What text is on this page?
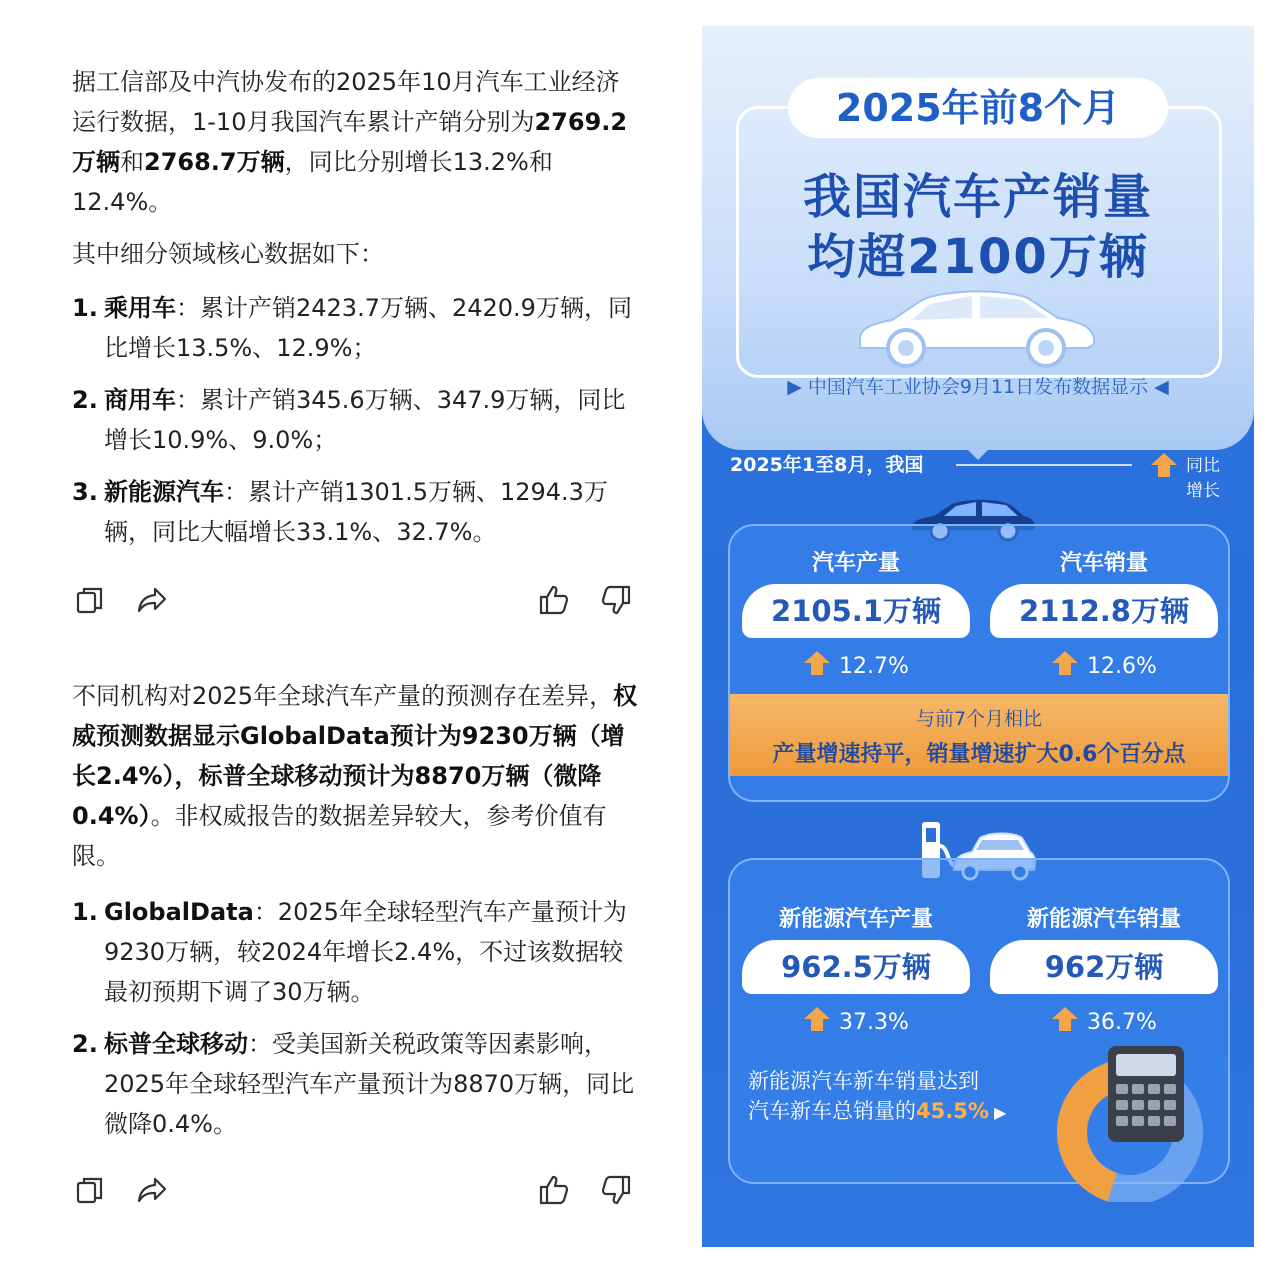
据工信部及中汽协发布的2025年10月汽车工业经济运行数据，1-10月我国汽车累计产销分别为2769.2万辆和2768.7万辆，同比分别增长13.2%和12.4%。

其中细分领域核心数据如下：

1. 乘用车：累计产销2423.7万辆、2420.9万辆，同比增长13.5%、12.9%；
2. 商用车：累计产销345.6万辆、347.9万辆，同比增长10.9%、9.0%；
3. 新能源汽车：累计产销1301.5万辆、1294.3万辆，同比大幅增长33.1%、32.7%。

不同机构对2025年全球汽车产量的预测存在差异，权威预测数据显示GlobalData预计为9230万辆（增长2.4%），标普全球移动预计为8870万辆（微降0.4%）。非权威报告的数据差异较大，参考价值有限。

1. GlobalData：2025年全球轻型汽车产量预计为9230万辆，较2024年增长2.4%，不过该数据较最初预期下调了30万辆。
2. 标普全球移动：受美国新关税政策等因素影响，2025年全球轻型汽车产量预计为8870万辆，同比微降0.4%。
2025年前8个月
我国汽车产销量
均超2100万辆
▶ 中国汽车工业协会9月11日发布数据显示 ◀
2025年1至8月，我国	同比增长
汽车产量
2105.1万辆
12.7%
汽车销量
2112.8万辆
12.6%
与前7个月相比
产量增速持平，销量增速扩大0.6个百分点
新能源汽车产量
962.5万辆
37.3%
新能源汽车销量
962万辆
36.7%
新能源汽车新车销量达到
汽车新车总销量的45.5% ▶
